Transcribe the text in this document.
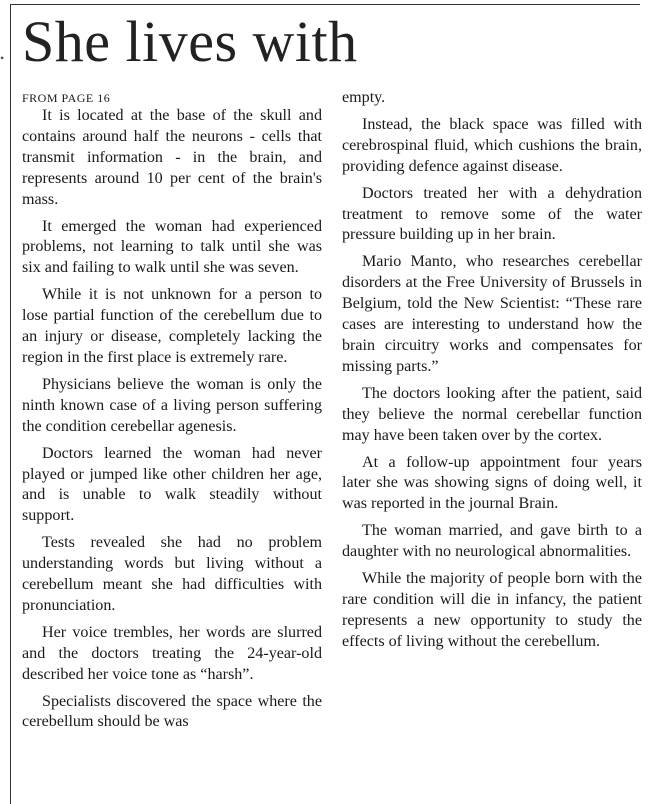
• She lives with
FROM PAGE 16

It is located at the base of the skull and contains around half the neurons - cells that transmit information - in the brain, and represents around 10 per cent of the brain's mass.

It emerged the woman had experienced problems, not learning to talk until she was six and failing to walk until she was seven.

While it is not unknown for a person to lose partial function of the cerebellum due to an injury or disease, completely lacking the region in the first place is extremely rare.

Physicians believe the woman is only the ninth known case of a living person suffering the condition cerebellar agenesis.

Doctors learned the woman had never played or jumped like other children her age, and is unable to walk steadily without support.

Tests revealed she had no problem understanding words but living without a cerebellum meant she had difficulties with pronunciation.

Her voice trembles, her words are slurred and the doctors treating the 24-year-old described her voice tone as “harsh”.

Specialists discovered the space where the cerebellum should be was

empty.

Instead, the black space was filled with cerebrospinal fluid, which cushions the brain, providing defence against disease.

Doctors treated her with a dehydration treatment to remove some of the water pressure building up in her brain.

Mario Manto, who researches cerebellar disorders at the Free University of Brussels in Belgium, told the New Scientist: “These rare cases are interesting to understand how the brain circuitry works and compensates for missing parts.”

The doctors looking after the patient, said they believe the normal cerebellar function may have been taken over by the cortex.

At a follow-up appointment four years later she was showing signs of doing well, it was reported in the journal Brain.

The woman married, and gave birth to a daughter with no neurological abnormalities.

While the majority of people born with the rare condition will die in infancy, the patient represents a new opportunity to study the effects of living without the cerebellum.
